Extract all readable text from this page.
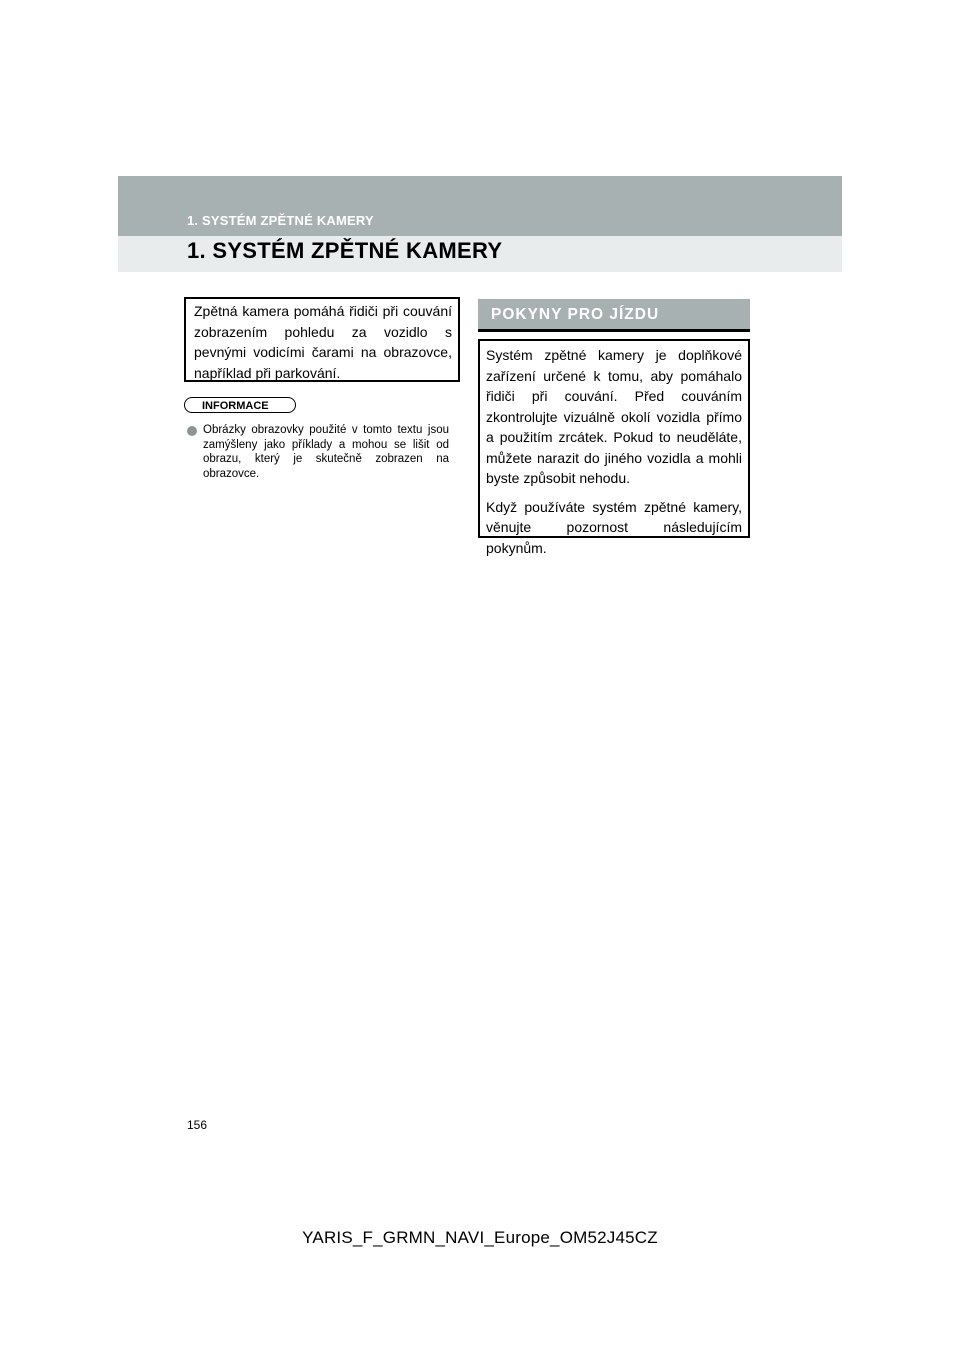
1. SYSTÉM ZPĚTNÉ KAMERY
1. SYSTÉM ZPĚTNÉ KAMERY
Zpětná kamera pomáhá řidiči při couvání zobrazením pohledu za vozidlo s pevnými vodicími čarami na obrazovce, například při parkování.
INFORMACE
Obrázky obrazovky použité v tomto textu jsou zamýšleny jako příklady a mohou se lišit od obrazu, který je skutečně zobrazen na obrazovce.
POKYNY PRO JÍZDU

Systém zpětné kamery je doplňkové zařízení určené k tomu, aby pomáhalo řidiči při couvání. Před couváním zkontrolujte vizuálně okolí vozidla přímo a použitím zrcátek. Pokud to neuděláte, můžete narazit do jiného vozidla a mohli byste způsobit nehodu.

Když používáte systém zpětné kamery, věnujte pozornost následujícím pokynům.

156
YARIS_F_GRMN_NAVI_Europe_OM52J45CZ
